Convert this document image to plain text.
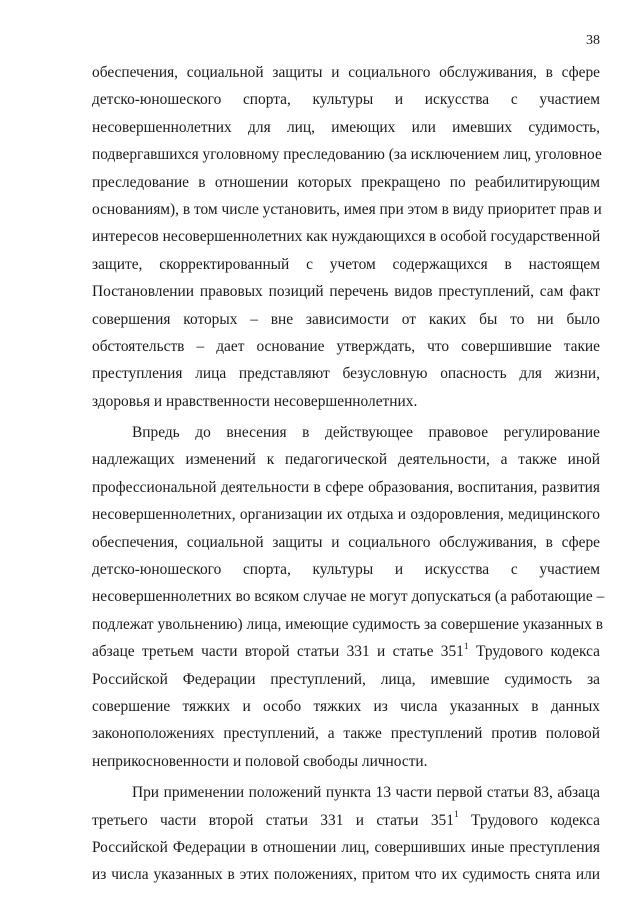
38
обеспечения, социальной защиты и социального обслуживания, в сфере
детско-юношеского спорта, культуры и искусства с участием
несовершеннолетних для лиц, имеющих или имевших судимость,
подвергавшихся уголовному преследованию (за исключением лиц, уголовное
преследование в отношении которых прекращено по реабилитирующим
основаниям), в том числе установить, имея при этом в виду приоритет прав и
интересов несовершеннолетних как нуждающихся в особой государственной
защите, скорректированный с учетом содержащихся в настоящем
Постановлении правовых позиций перечень видов преступлений, сам факт
совершения которых – вне зависимости от каких бы то ни было
обстоятельств – дает основание утверждать, что совершившие такие
преступления лица представляют безусловную опасность для жизни,
здоровья и нравственности несовершеннолетних.
Впредь до внесения в действующее правовое регулирование
надлежащих изменений к педагогической деятельности, а также иной
профессиональной деятельности в сфере образования, воспитания, развития
несовершеннолетних, организации их отдыха и оздоровления, медицинского
обеспечения, социальной защиты и социального обслуживания, в сфере
детско-юношеского спорта, культуры и искусства с участием
несовершеннолетних во всяком случае не могут допускаться (а работающие –
подлежат увольнению) лица, имеющие судимость за совершение указанных в
абзаце третьем части второй статьи 331 и статье $351^1$ Трудового кодекса
Российской Федерации преступлений, лица, имевшие судимость за
совершение тяжких и особо тяжких из числа указанных в данных
законоположениях преступлений, а также преступлений против половой
неприкосновенности и половой свободы личности.
При применении положений пункта 13 части первой статьи 83, абзаца
третьего части второй статьи 331 и статьи $351^1$ Трудового кодекса
Российской Федерации в отношении лиц, совершивших иные преступления
из числа указанных в этих положениях, притом что их судимость снята или
